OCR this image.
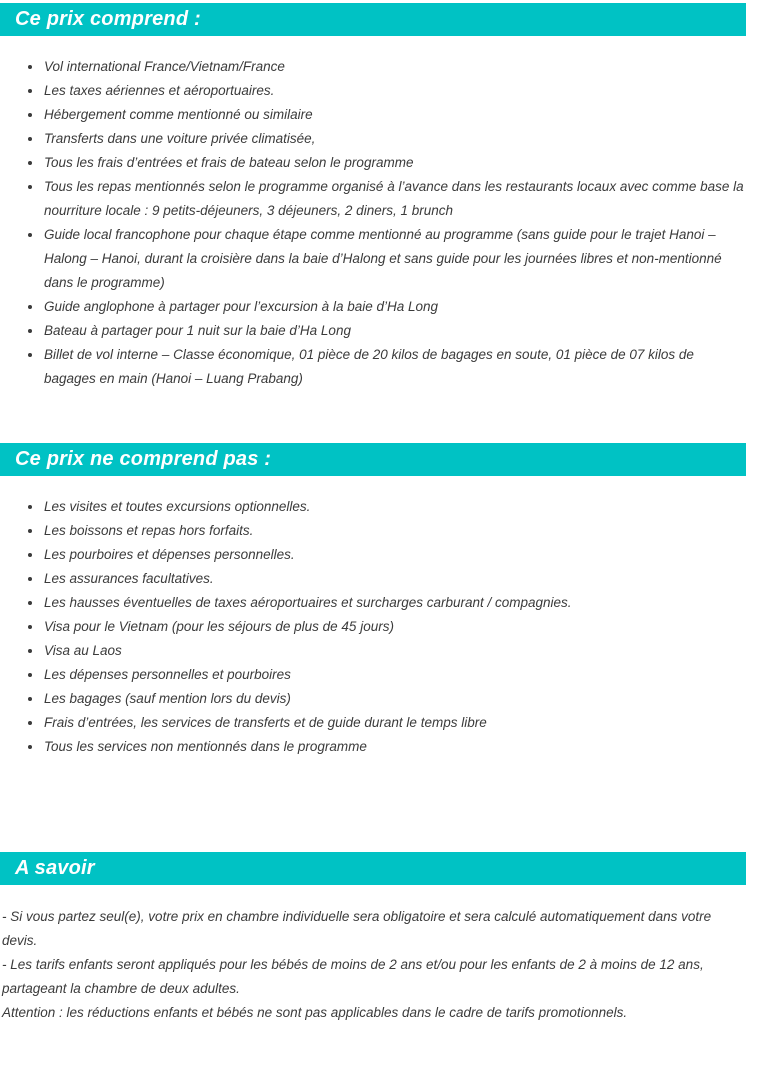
Ce prix comprend :
• Vol international France/Vietnam/France
• Les taxes aériennes et aéroportuaires.
• Hébergement comme mentionné ou similaire
• Transferts dans une voiture privée climatisée,
• Tous les frais d’entrées et frais de bateau selon le programme
• Tous les repas mentionnés selon le programme organisé à l’avance dans les restaurants locaux avec comme base la nourriture locale : 9 petits-déjeuners, 3 déjeuners, 2 diners, 1 brunch
• Guide local francophone pour chaque étape comme mentionné au programme (sans guide pour le trajet Hanoi – Halong – Hanoi, durant la croisière dans la baie d’Halong et sans guide pour les journées libres et non-mentionné dans le programme)
• Guide anglophone à partager pour l’excursion à la baie d’Ha Long
• Bateau à partager pour 1 nuit sur la baie d’Ha Long
• Billet de vol interne – Classe économique, 01 pièce de 20 kilos de bagages en soute, 01 pièce de 07 kilos de bagages en main (Hanoi – Luang Prabang)
Ce prix ne comprend pas :
• Les visites et toutes excursions optionnelles.
• Les boissons et repas hors forfaits.
• Les pourboires et dépenses personnelles.
• Les assurances facultatives.
• Les hausses éventuelles de taxes aéroportuaires et surcharges carburant / compagnies.
• Visa pour le Vietnam (pour les séjours de plus de 45 jours)
• Visa au Laos
• Les dépenses personnelles et pourboires
• Les bagages (sauf mention lors du devis)
• Frais d’entrées, les services de transferts et de guide durant le temps libre
• Tous les services non mentionnés dans le programme
A savoir

- Si vous partez seul(e), votre prix en chambre individuelle sera obligatoire et sera calculé automatiquement dans votre devis.

- Les tarifs enfants seront appliqués pour les bébés de moins de 2 ans et/ou pour les enfants de 2 à moins de 12 ans, partageant la chambre de deux adultes.

Attention : les réductions enfants et bébés ne sont pas applicables dans le cadre de tarifs promotionnels.
